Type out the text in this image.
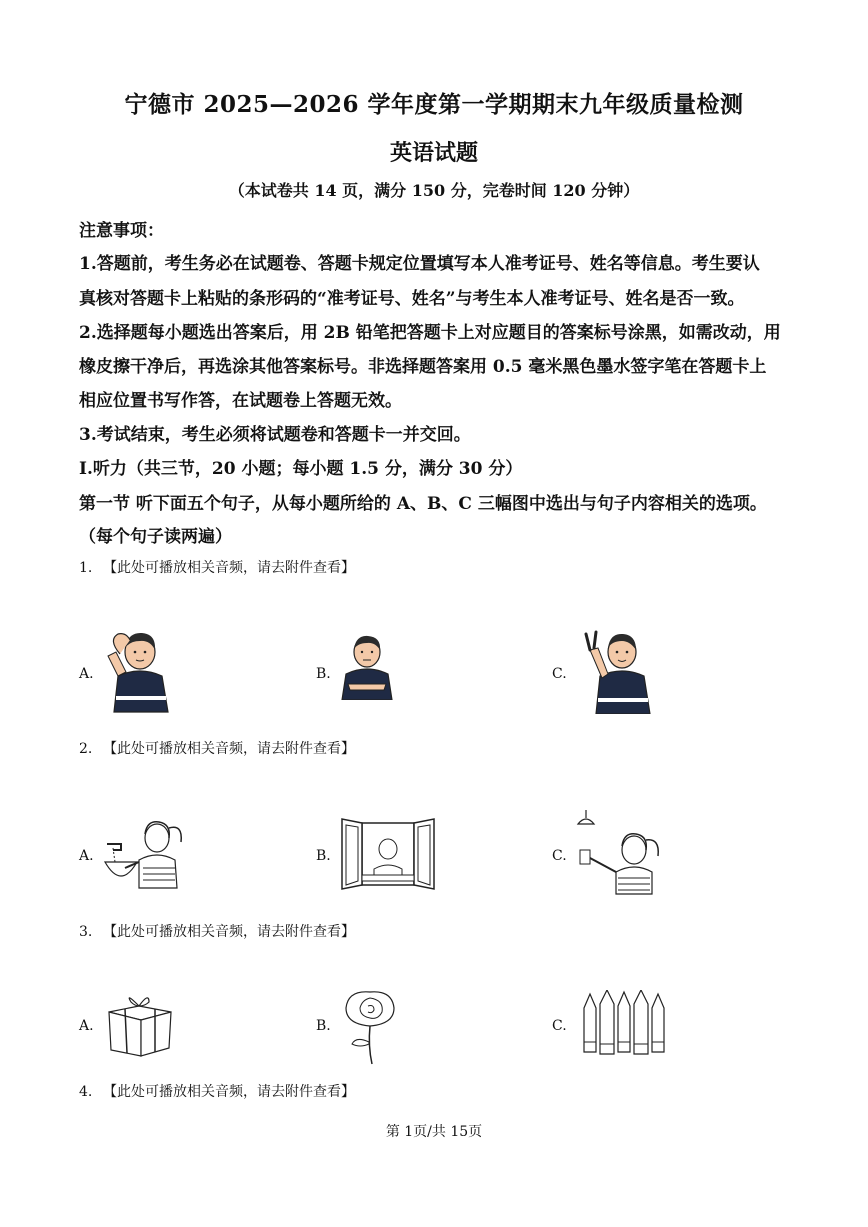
宁德市 2025—2026 学年度第一学期期末九年级质量检测
英语试题
（本试卷共 14 页，满分 150 分，完卷时间 120 分钟）
注意事项：
1.答题前，考生务必在试题卷、答题卡规定位置填写本人准考证号、姓名等信息。考生要认
真核对答题卡上粘贴的条形码的“准考证号、姓名”与考生本人准考证号、姓名是否一致。
2.选择题每小题选出答案后，用 2B 铅笔把答题卡上对应题目的答案标号涂黑，如需改动，用
橡皮擦干净后，再选涂其他答案标号。非选择题答案用 0.5 毫米黑色墨水签字笔在答题卡上
相应位置书写作答，在试题卷上答题无效。
3.考试结束，考生必须将试题卷和答题卡一并交回。
Ⅰ.听力（共三节，20 小题；每小题 1.5 分，满分 30 分）
第一节 听下面五个句子，从每小题所给的 A、B、C 三幅图中选出与句子内容相关的选项。
（每个句子读两遍）
1. 【此处可播放相关音频，请去附件查看】
A.	B.	C.
2. 【此处可播放相关音频，请去附件查看】
A.	B.	C.
3. 【此处可播放相关音频，请去附件查看】
A.	B.	C.
4. 【此处可播放相关音频，请去附件查看】
第 1页/共 15页
